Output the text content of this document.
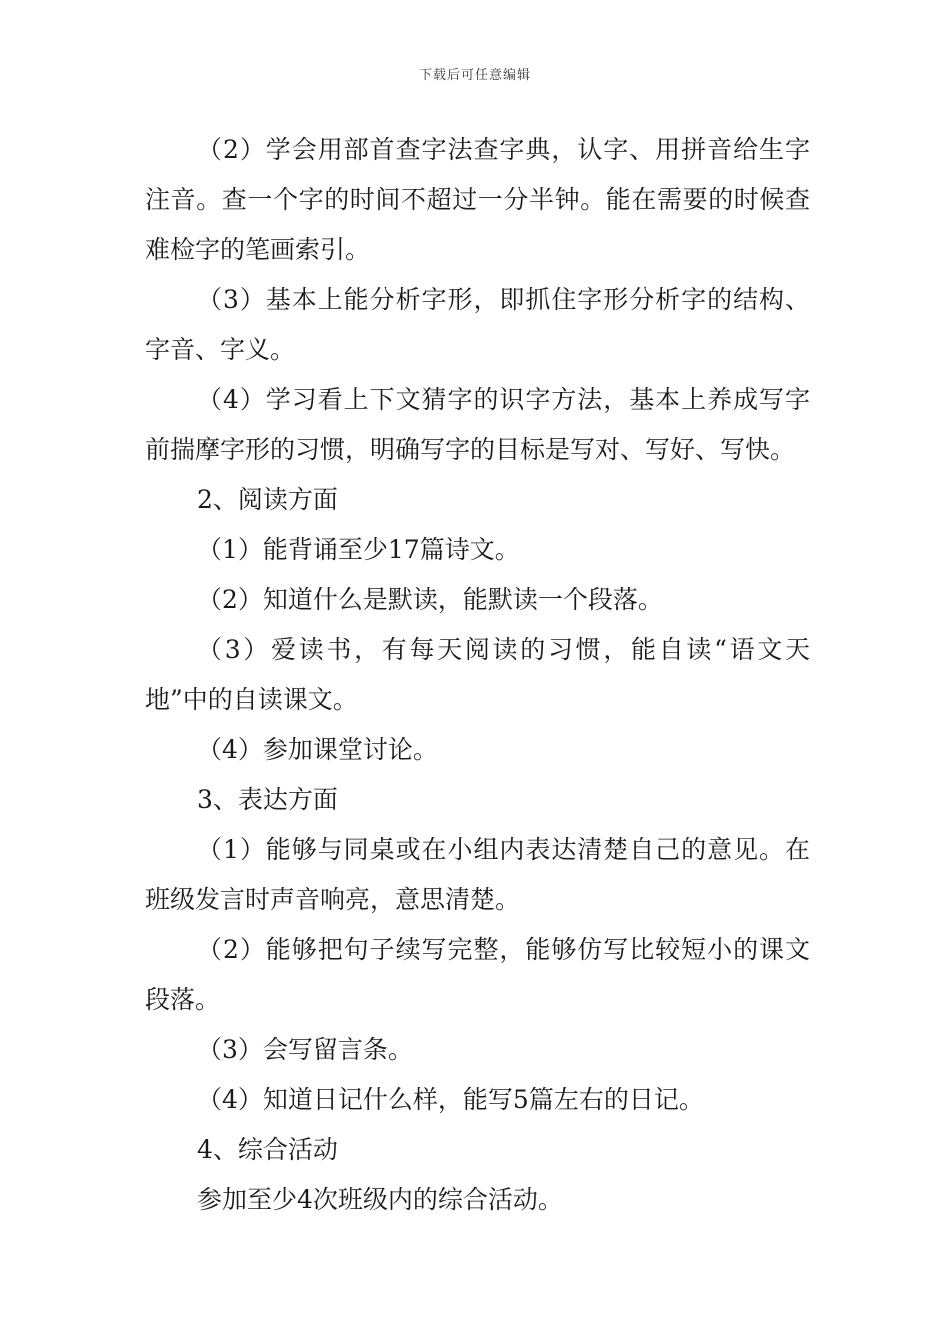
下载后可任意编辑

（2）学会用部首查字法查字典，认字、用拼音给生字注音。查一个字的时间不超过一分半钟。能在需要的时候查难检字的笔画索引。

（3）基本上能分析字形，即抓住字形分析字的结构、字音、字义。

（4）学习看上下文猜字的识字方法，基本上养成写字前揣摩字形的习惯，明确写字的目标是写对、写好、写快。

2、阅读方面

（1）能背诵至少17篇诗文。

（2）知道什么是默读，能默读一个段落。

（3）爱读书，有每天阅读的习惯，能自读“语文天地”中的自读课文。

（4）参加课堂讨论。

3、表达方面

（1）能够与同桌或在小组内表达清楚自己的意见。在班级发言时声音响亮，意思清楚。

（2）能够把句子续写完整，能够仿写比较短小的课文段落。

（3）会写留言条。

（4）知道日记什么样，能写5篇左右的日记。

4、综合活动

参加至少4次班级内的综合活动。
